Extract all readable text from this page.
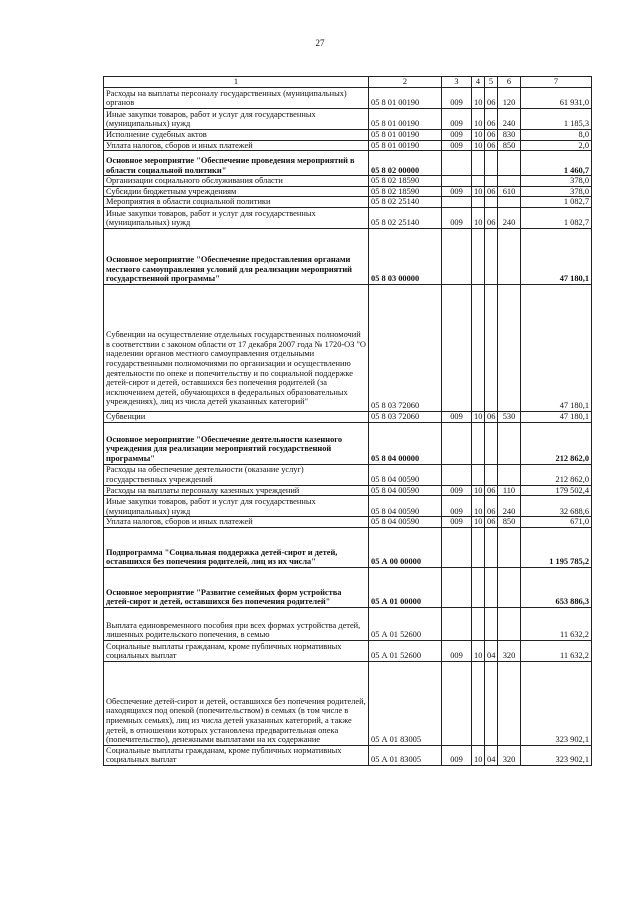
27
1	2	3	4	5	6	7
Расходы на выплаты персоналу государственных (муниципальных) органов	05 8 01 00190	009	10	06	120	61 931,0
Иные закупки товаров, работ и услуг для государственных (муниципальных) нужд	05 8 01 00190	009	10	06	240	1 185,3
Исполнение судебных актов	05 8 01 00190	009	10	06	830	8,0
Уплата налогов, сборов и иных платежей	05 8 01 00190	009	10	06	850	2,0
Основное мероприятие "Обеспечение проведения мероприятий в области социальной политики"	05 8 02 00000					1 460,7
Организации социального обслуживания области	05 8 02 18590					378,0
Субсидии бюджетным учреждениям	05 8 02 18590	009	10	06	610	378,0
Мероприятия в области социальной политики	05 8 02 25140					1 082,7
Иные закупки товаров, работ и услуг для государственных (муниципальных) нужд	05 8 02 25140	009	10	06	240	1 082,7
Основное мероприятие "Обеспечение предоставления органами местного самоуправления условий для реализации мероприятий государственной программы"	05 8 03 00000					47 180,1
Субвенции на осуществление отдельных государственных полномочий в соответствии с законом области от 17 декабря 2007 года № 1720-ОЗ "О наделении органов местного самоуправления отдельными государственными полномочиями по организации и осуществлению деятельности по опеке и попечительству и по социальной поддержке детей-сирот и детей, оставшихся без попечения родителей (за исключением детей, обучающихся в федеральных образовательных учреждениях), лиц из числа детей указанных категорий"	05 8 03 72060					47 180,1
Субвенции	05 8 03 72060	009	10	06	530	47 180,1
Основное мероприятие "Обеспечение деятельности казенного учреждения для реализации мероприятий государственной программы"	05 8 04 00000					212 862,0
Расходы на обеспечение деятельности (оказание услуг) государственных учреждений	05 8 04 00590					212 862,0
Расходы на выплаты персоналу казенных учреждений	05 8 04 00590	009	10	06	110	179 502,4
Иные закупки товаров, работ и услуг для государственных (муниципальных) нужд	05 8 04 00590	009	10	06	240	32 688,6
Уплата налогов, сборов и иных платежей	05 8 04 00590	009	10	06	850	671,0
Подпрограмма "Социальная поддержка детей-сирот и детей, оставшихся без попечения родителей, лиц из их числа"	05 А 00 00000					1 195 785,2
Основное мероприятие "Развитие семейных форм устройства детей-сирот и детей, оставшихся без попечения родителей"	05 А 01 00000					653 886,3
Выплата единовременного пособия при всех формах устройства детей, лишенных родительского попечения, в семью	05 А 01 52600					11 632,2
Социальные выплаты гражданам, кроме публичных нормативных социальных выплат	05 А 01 52600	009	10	04	320	11 632,2
Обеспечение детей-сирот и детей, оставшихся без попечения родителей, находящихся под опекой (попечительством) в семьях (в том числе в приемных семьях), лиц из числа детей указанных категорий, а также детей, в отношении которых установлена предварительная опека (попечительство), денежными выплатами на их содержание	05 А 01 83005					323 902,1
Социальные выплаты гражданам, кроме публичных нормативных социальных выплат	05 А 01 83005	009	10	04	320	323 902,1
